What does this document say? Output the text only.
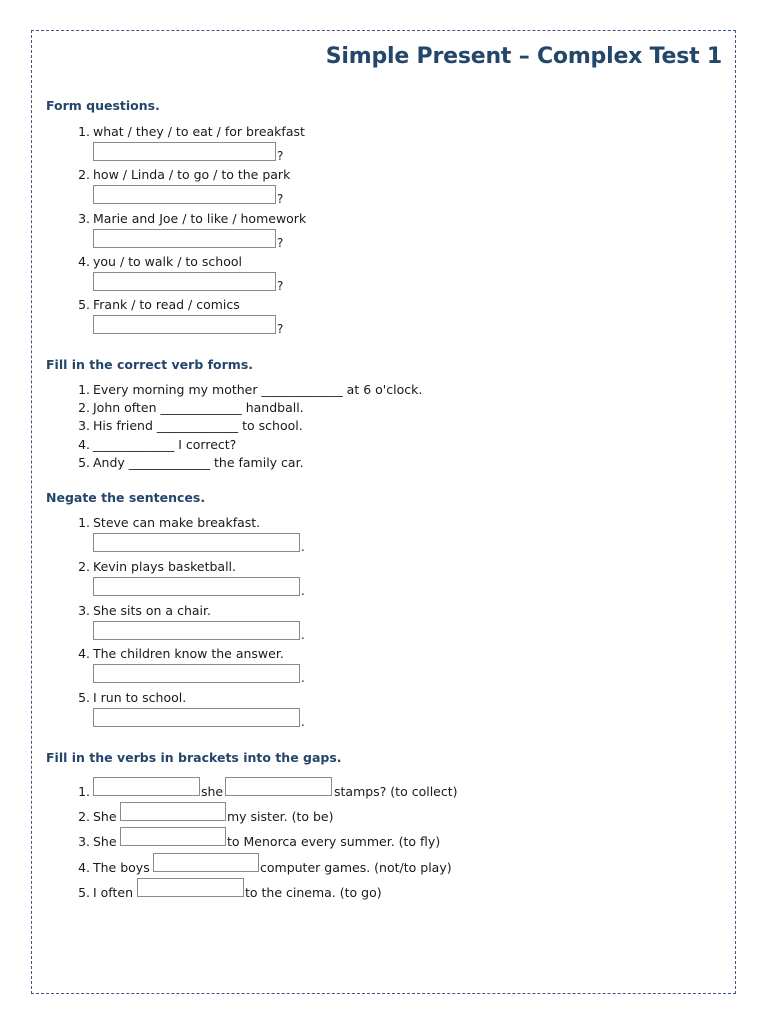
Simple Present – Complex Test 1
Form questions.
1. what / they / to eat / for breakfast
?
2. how / Linda / to go / to the park
?
3. Marie and Joe / to like / homework
?
4. you / to walk / to school
?
5. Frank / to read / comics
?
Fill in the correct verb forms.
1. Every morning my mother _____________ at 6 o'clock.
2. John often _____________ handball.
3. His friend _____________ to school.
4. _____________ I correct?
5. Andy _____________ the family car.
Negate the sentences.
1. Steve can make breakfast.
.
2. Kevin plays basketball.
.
3. She sits on a chair.
.
4. The children know the answer.
.
5. I run to school.
.
Fill in the verbs in brackets into the gaps.
1.	she	stamps? (to collect)
2. She	my sister. (to be)
3. She	to Menorca every summer. (to fly)
4. The boys	computer games. (not/to play)
5. I often	to the cinema. (to go)
